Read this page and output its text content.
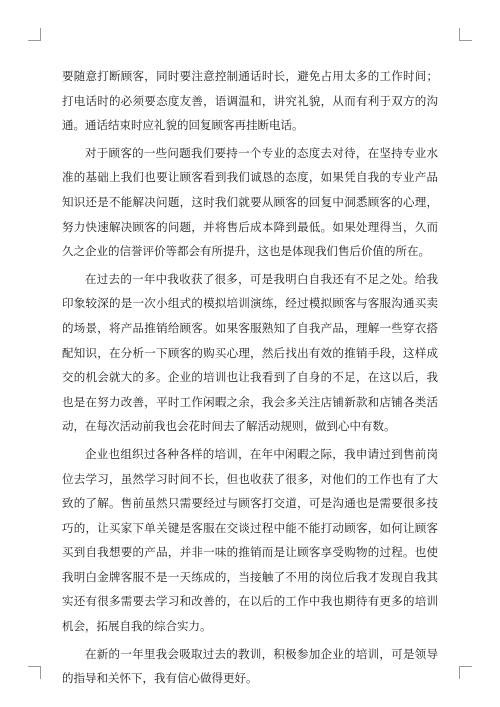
要随意打断顾客，同时要注意控制通话时长，避免占用太多的工作时间；打电话时的必须要态度友善，语调温和，讲究礼貌，从而有利于双方的沟通。通话结束时应礼貌的回复顾客再挂断电话。

对于顾客的一些问题我们要持一个专业的态度去对待，在坚持专业水准的基础上我们也要让顾客看到我们诚恳的态度，如果凭自我的专业产品知识还是不能解决问题，这时我们就要从顾客的回复中洞悉顾客的心理，努力快速解决顾客的问题，并将售后成本降到最低。如果处理得当，久而久之企业的信誉评价等都会有所提升，这也是体现我们售后价值的所在。

在过去的一年中我收获了很多，可是我明白自我还有不足之处。给我印象较深的是一次小组式的模拟培训演练，经过模拟顾客与客服沟通买卖的场景，将产品推销给顾客。如果客服熟知了自我产品，理解一些穿衣搭配知识，在分析一下顾客的购买心理，然后找出有效的推销手段，这样成交的机会就大的多。企业的培训也让我看到了自身的不足，在这以后，我也是在努力改善，平时工作闲暇之余，我会多关注店铺新款和店铺各类活动，在每次活动前我也会花时间去了解活动规则，做到心中有数。

企业也组织过各种各样的培训，在年中闲暇之际，我申请过到售前岗位去学习，虽然学习时间不长，但也收获了很多，对他们的工作也有了大致的了解。售前虽然只需要经过与顾客打交道，可是沟通也是需要很多技巧的，让买家下单关键是客服在交谈过程中能不能打动顾客，如何让顾客买到自我想要的产品，并非一味的推销而是让顾客享受购物的过程。也使我明白金牌客服不是一天练成的，当接触了不用的岗位后我才发现自我其实还有很多需要去学习和改善的，在以后的工作中我也期待有更多的培训机会，拓展自我的综合实力。

在新的一年里我会吸取过去的教训，积极参加企业的培训，可是领导的指导和关怀下，我有信心做得更好。
